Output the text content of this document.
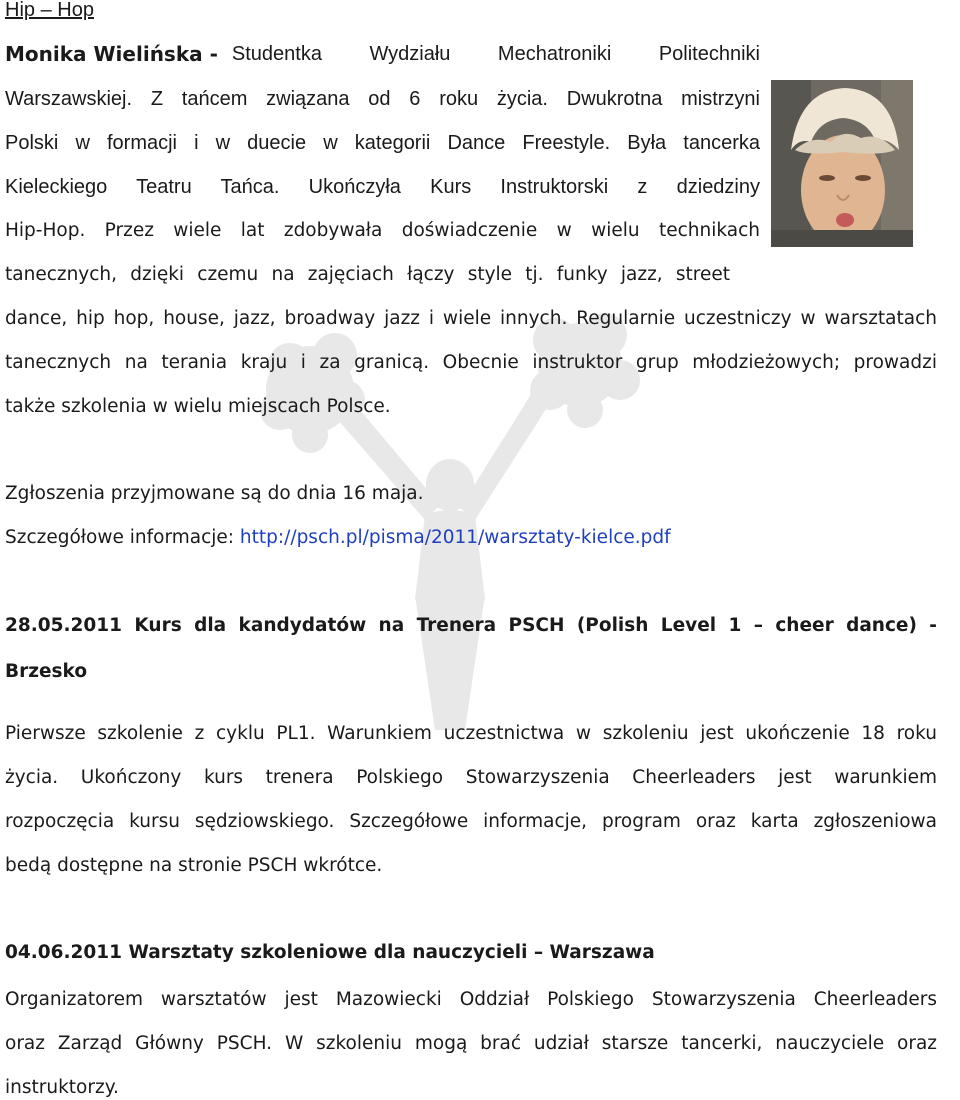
Hip – Hop
Monika Wielińska - Studentka Wydziału Mechatroniki Politechniki
Warszawskiej. Z tańcem związana od 6 roku życia. Dwukrotna mistrzyni
Polski w formacji i w duecie w kategorii Dance Freestyle. Była tancerka
Kieleckiego Teatru Tańca. Ukończyła Kurs Instruktorski z dziedziny
Hip-Hop. Przez wiele lat zdobywała doświadczenie w wielu technikach
tanecznych, dzięki czemu na zajęciach łączy style tj. funky jazz, street
dance, hip hop, house, jazz, broadway jazz i wiele innych. Regularnie uczestniczy w warsztatach
tanecznych na terania kraju i za granicą. Obecnie instruktor grup młodzieżowych; prowadzi
także szkolenia w wielu miejscach Polsce.
Zgłoszenia przyjmowane są do dnia 16 maja.
Szczegółowe informacje: http://psch.pl/pisma/2011/warsztaty-kielce.pdf
28.05.2011 Kurs dla kandydatów na Trenera PSCH (Polish Level 1 – cheer dance) -
Brzesko
Pierwsze szkolenie z cyklu PL1. Warunkiem uczestnictwa w szkoleniu jest ukończenie 18 roku
życia. Ukończony kurs trenera Polskiego Stowarzyszenia Cheerleaders jest warunkiem
rozpoczęcia kursu sędziowskiego. Szczegółowe informacje, program oraz karta zgłoszeniowa
bedą dostępne na stronie PSCH wkrótce.
04.06.2011 Warsztaty szkoleniowe dla nauczycieli – Warszawa
Organizatorem warsztatów jest Mazowiecki Oddział Polskiego Stowarzyszenia Cheerleaders
oraz Zarząd Główny PSCH. W szkoleniu mogą brać udział starsze tancerki, nauczyciele oraz
instruktorzy.
